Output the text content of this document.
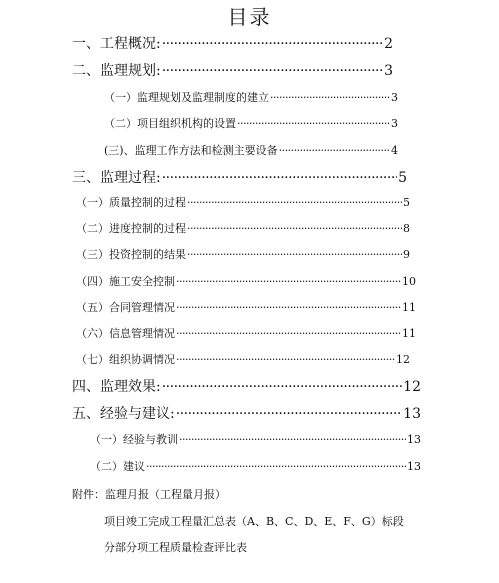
目录
一、工程概况: ·····	2
二、监理规划: ·····	3
（一）监理规划及监理制度的建立 ·····	3
（二）项目组织机构的设置 ·····	3
(三)、监理工作方法和检测主要设备 ·····	4
三、监理过程: ·····	5
（一）质量控制的过程 ·····	5
（二）进度控制的过程 ·····	8
（三）投资控制的结果 ·····	9
（四）施工安全控制 ·····	10
（五）合同管理情况 ·····	11
（六）信息管理情况 ·····	11
（七）组织协调情况 ·····	12
四、监理效果: ·····	12
五、经验与建议: ·····	13
（一）经验与教训 ·····	13
（二）建议 ·····	13
附件：监理月报（工程量月报）
项目竣工完成工程量汇总表（A、B、C、D、E、F、G）标段
分部分项工程质量检查评比表
